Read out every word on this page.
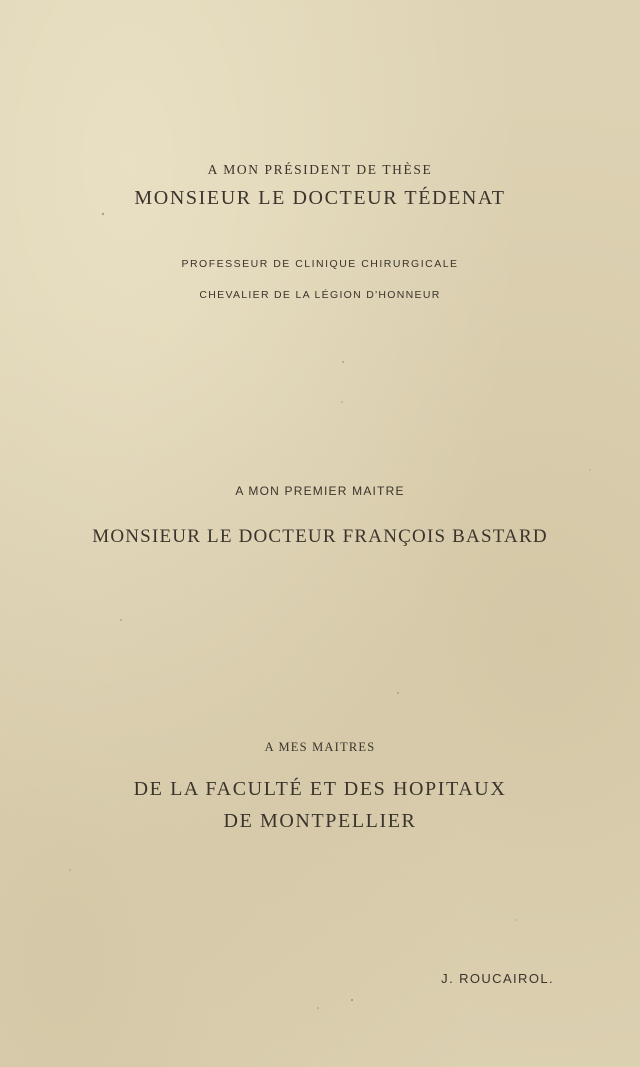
A MON PRÉSIDENT DE THÈSE

MONSIEUR LE DOCTEUR TÉDENAT

PROFESSEUR DE CLINIQUE CHIRURGICALE

CHEVALIER DE LA LÉGION D'HONNEUR

A MON PREMIER MAITRE

MONSIEUR LE DOCTEUR FRANÇOIS BASTARD

A MES MAITRES

DE LA FACULTÉ ET DES HOPITAUX

DE MONTPELLIER

J. ROUCAIROL.
